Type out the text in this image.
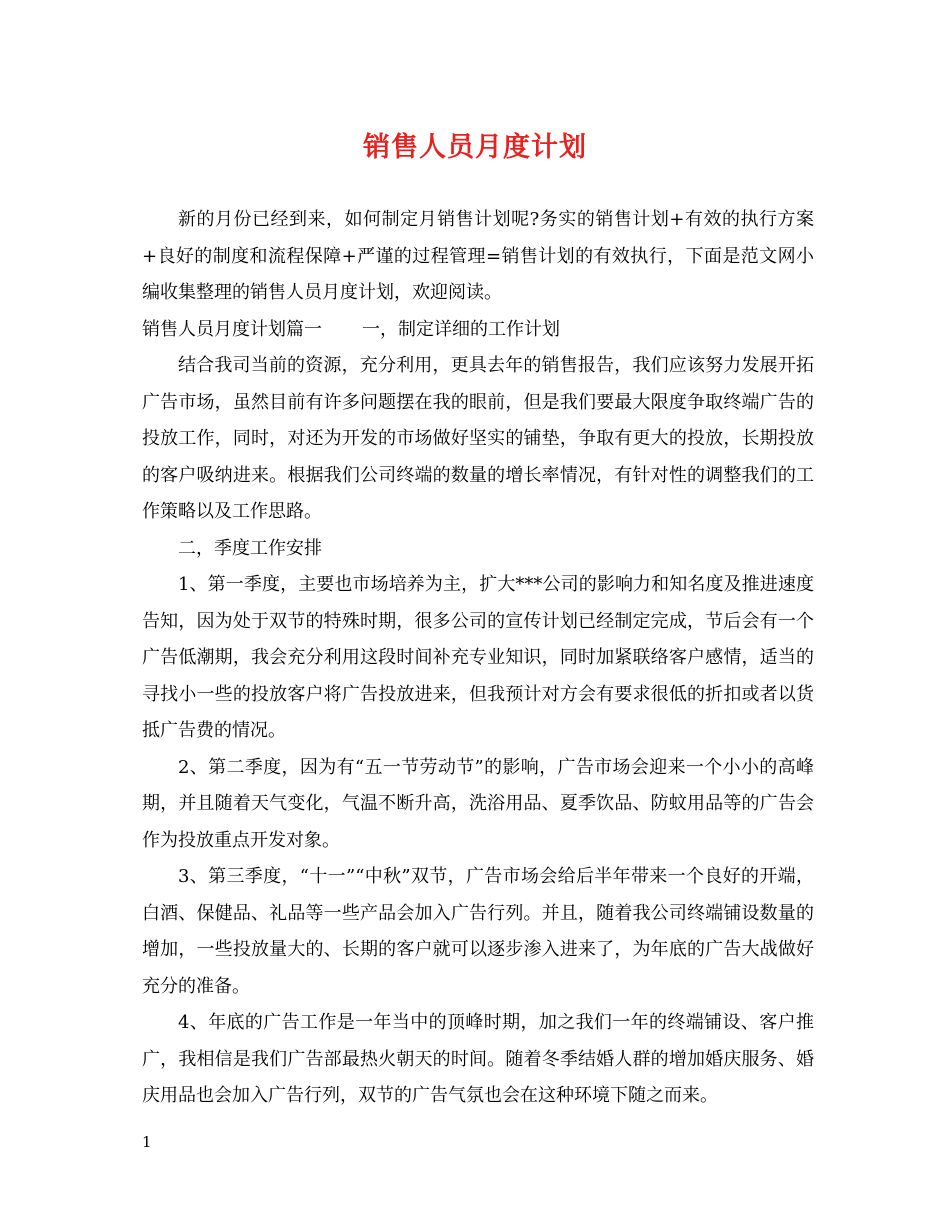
销售人员月度计划

新的月份已经到来，如何制定月销售计划呢?务实的销售计划+有效的执行方案+良好的制度和流程保障+严谨的过程管理=销售计划的有效执行，下面是范文网小编收集整理的销售人员月度计划，欢迎阅读。

销售人员月度计划篇一 一，制定详细的工作计划

结合我司当前的资源，充分利用，更具去年的销售报告，我们应该努力发展开拓广告市场，虽然目前有许多问题摆在我的眼前，但是我们要最大限度争取终端广告的投放工作，同时，对还为开发的市场做好坚实的铺垫，争取有更大的投放，长期投放的客户吸纳进来。根据我们公司终端的数量的增长率情况，有针对性的调整我们的工作策略以及工作思路。

二，季度工作安排

1、第一季度，主要也市场培养为主，扩大***公司的影响力和知名度及推进速度告知，因为处于双节的特殊时期，很多公司的宣传计划已经制定完成，节后会有一个广告低潮期，我会充分利用这段时间补充专业知识，同时加紧联络客户感情，适当的寻找小一些的投放客户将广告投放进来，但我预计对方会有要求很低的折扣或者以货抵广告费的情况。

2、第二季度，因为有“五一节劳动节”的影响，广告市场会迎来一个小小的高峰期，并且随着天气变化，气温不断升高，洗浴用品、夏季饮品、防蚊用品等的广告会作为投放重点开发对象。

3、第三季度，“十一”“中秋”双节，广告市场会给后半年带来一个良好的开端，白酒、保健品、礼品等一些产品会加入广告行列。并且，随着我公司终端铺设数量的增加，一些投放量大的、长期的客户就可以逐步渗入进来了，为年底的广告大战做好充分的准备。

4、年底的广告工作是一年当中的顶峰时期，加之我们一年的终端铺设、客户推广，我相信是我们广告部最热火朝天的时间。随着冬季结婚人群的增加婚庆服务、婚庆用品也会加入广告行列，双节的广告气氛也会在这种环境下随之而来。

1
